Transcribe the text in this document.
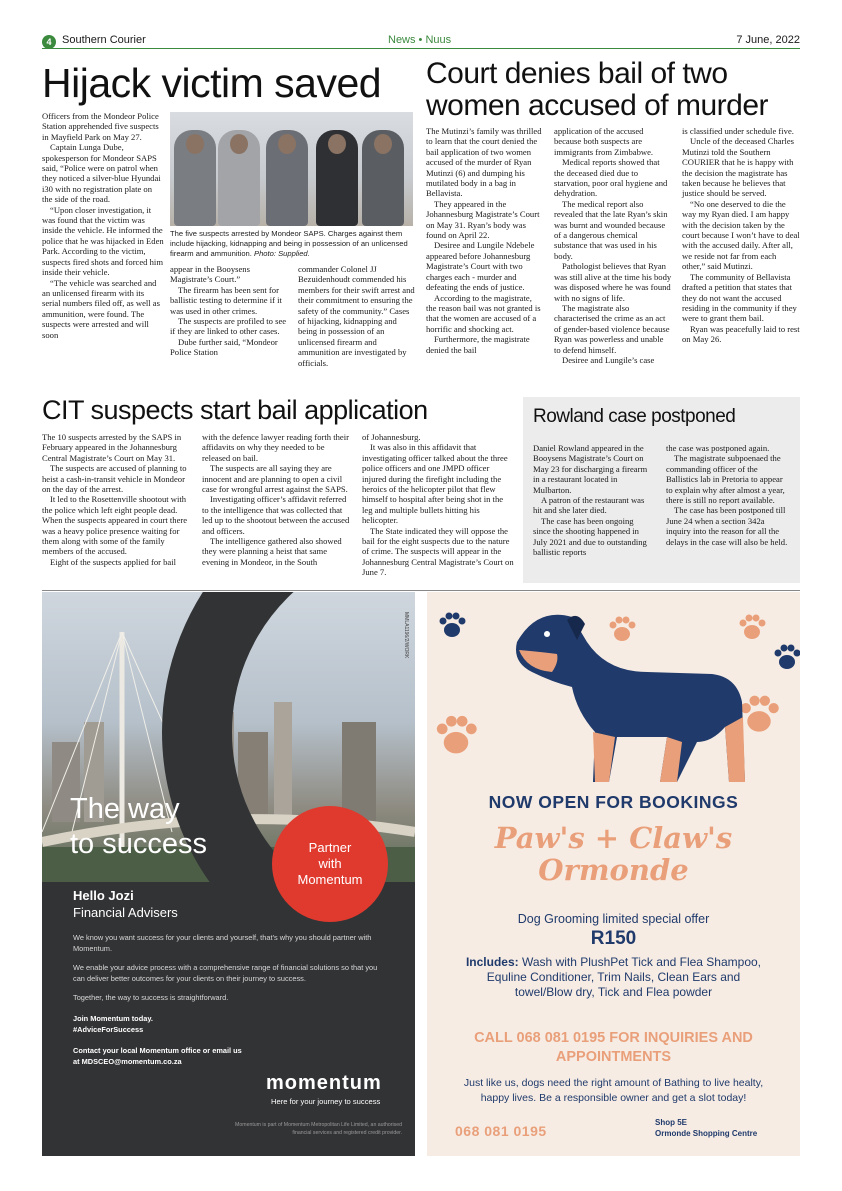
4 Southern Courier	News • Nuus	7 June, 2022
Hijack victim saved

Officers from the Mondeor Police Station apprehended five suspects in Mayfield Park on May 27.

Captain Lunga Dube, spokesperson for Mondeor SAPS said, “Police were on patrol when they noticed a silver-blue Hyundai i30 with no registration plate on the side of the road.

“Upon closer investigation, it was found that the victim was inside the vehicle. He informed the police that he was hijacked in Eden Park. According to the victim, suspects fired shots and forced him inside their vehicle.

“The vehicle was searched and an unlicensed firearm with its serial numbers filed off, as well as ammunition, were found. The suspects were arrested and will soon

The five suspects arrested by Mondeor SAPS. Charges against them include hijacking, kidnapping and being in possession of an unlicensed firearm and ammunition. Photo: Supplied.

appear in the Booysens Magistrate’s Court.”

The firearm has been sent for ballistic testing to determine if it was used in other crimes.

The suspects are profiled to see if they are linked to other cases.

Dube further said, “Mondeor Police Station

commander Colonel JJ Bezuidenhoudt commended his members for their swift arrest and their commitment to ensuring the safety of the community.” Cases of hijacking, kidnapping and being in possession of an unlicensed firearm and ammunition are investigated by officials.

Court denies bail of two women accused of murder

The Mutinzi’s family was thrilled to learn that the court denied the bail application of two women accused of the murder of Ryan Mutinzi (6) and dumping his mutilated body in a bag in Bellavista.

They appeared in the Johannesburg Magistrate’s Court on May 31. Ryan’s body was found on April 22.

Desiree and Lungile Ndebele appeared before Johannesburg Magistrate’s Court with two charges each - murder and defeating the ends of justice.

According to the magistrate, the reason bail was not granted is that the women are accused of a horrific and shocking act.

Furthermore, the magistrate denied the bail

application of the accused because both suspects are immigrants from Zimbabwe.

Medical reports showed that the deceased died due to starvation, poor oral hygiene and dehydration.

The medical report also revealed that the late Ryan’s skin was burnt and wounded because of a dangerous chemical substance that was used in his body.

Pathologist believes that Ryan was still alive at the time his body was disposed where he was found with no signs of life.

The magistrate also characterised the crime as an act of gender-based violence because Ryan was powerless and unable to defend himself.

Desiree and Lungile’s case

is classified under schedule five.

Uncle of the deceased Charles Mutinzi told the Southern COURIER that he is happy with the decision the magistrate has taken because he believes that justice should be served.

“No one deserved to die the way my Ryan died. I am happy with the decision taken by the court because I won’t have to deal with the accused daily. After all, we reside not far from each other,” said Mutinzi.

The community of Bellavista drafted a petition that states that they do not want the accused residing in the community if they were to grant them bail.

Ryan was peacefully laid to rest on May 26.

CIT suspects start bail application

The 10 suspects arrested by the SAPS in February appeared in the Johannesburg Central Magistrate’s Court on May 31.

The suspects are accused of planning to heist a cash-in-transit vehicle in Mondeor on the day of the arrest.

It led to the Rosettenville shootout with the police which left eight people dead. When the suspects appeared in court there was a heavy police presence waiting for them along with some of the family members of the accused.

Eight of the suspects applied for bail

with the defence lawyer reading forth their affidavits on why they needed to be released on bail.

The suspects are all saying they are innocent and are planning to open a civil case for wrongful arrest against the SAPS.

Investigating officer’s affidavit referred to the intelligence that was collected that led up to the shootout between the accused and officers.

The intelligence gathered also showed they were planning a heist that same evening in Mondeor, in the South

of Johannesburg.

It was also in this affidavit that investigating officer talked about the three police officers and one JMPD officer injured during the firefight including the heroics of the helicopter pilot that flew himself to hospital after being shot in the leg and multiple bullets hitting his helicopter.

The State indicated they will oppose the bail for the eight suspects due to the nature of crime. The suspects will appear in the Johannesburg Central Magistrate’s Court on June 7.

Rowland case postponed

Daniel Rowland appeared in the Booysens Magistrate’s Court on May 23 for discharging a firearm in a restaurant located in Mulbarton.

A patron of the restaurant was hit and she later died.

The case has been ongoing since the shooting happened in July 2021 and due to outstanding ballistic reports

the case was postponed again.

The magistrate subpoenaed the commanding officer of the Ballistics lab in Pretoria to appear to explain why after almost a year, there is still no report available.

The case has been postponed till June 24 when a section 342a inquiry into the reason for all the delays in the case will also be held.

MMLA1196/2/WORK
The way
to success	Partner
with
Momentum
Hello Jozi
Financial Advisers

We know you want success for your clients and yourself, that’s why you should partner with Momentum.

We enable your advice process with a comprehensive range of financial solutions so that you can deliver better outcomes for your clients on their journey to success.

Together, the way to success is straightforward.

Join Momentum today.

#AdviceForSuccess

Contact your local Momentum office or email us

at MDSCEO@momentum.co.za

momentum
Here for your journey to success
Momentum is part of Momentum Metropolitan Life Limited, an authorised financial services and registered credit provider.
NOW OPEN FOR BOOKINGS
Paw's + Claw's
Ormonde
Dog Grooming limited special offer
R150
Includes: Wash with PlushPet Tick and Flea Shampoo, Equline Conditioner, Trim Nails, Clean Ears and towel/Blow dry, Tick and Flea powder
CALL 068 081 0195 FOR INQUIRIES AND APPOINTMENTS
Just like us, dogs need the right amount of Bathing to live healty, happy lives. Be a responsible owner and get a slot today!
068 081 0195
Shop 5E
Ormonde Shopping Centre
